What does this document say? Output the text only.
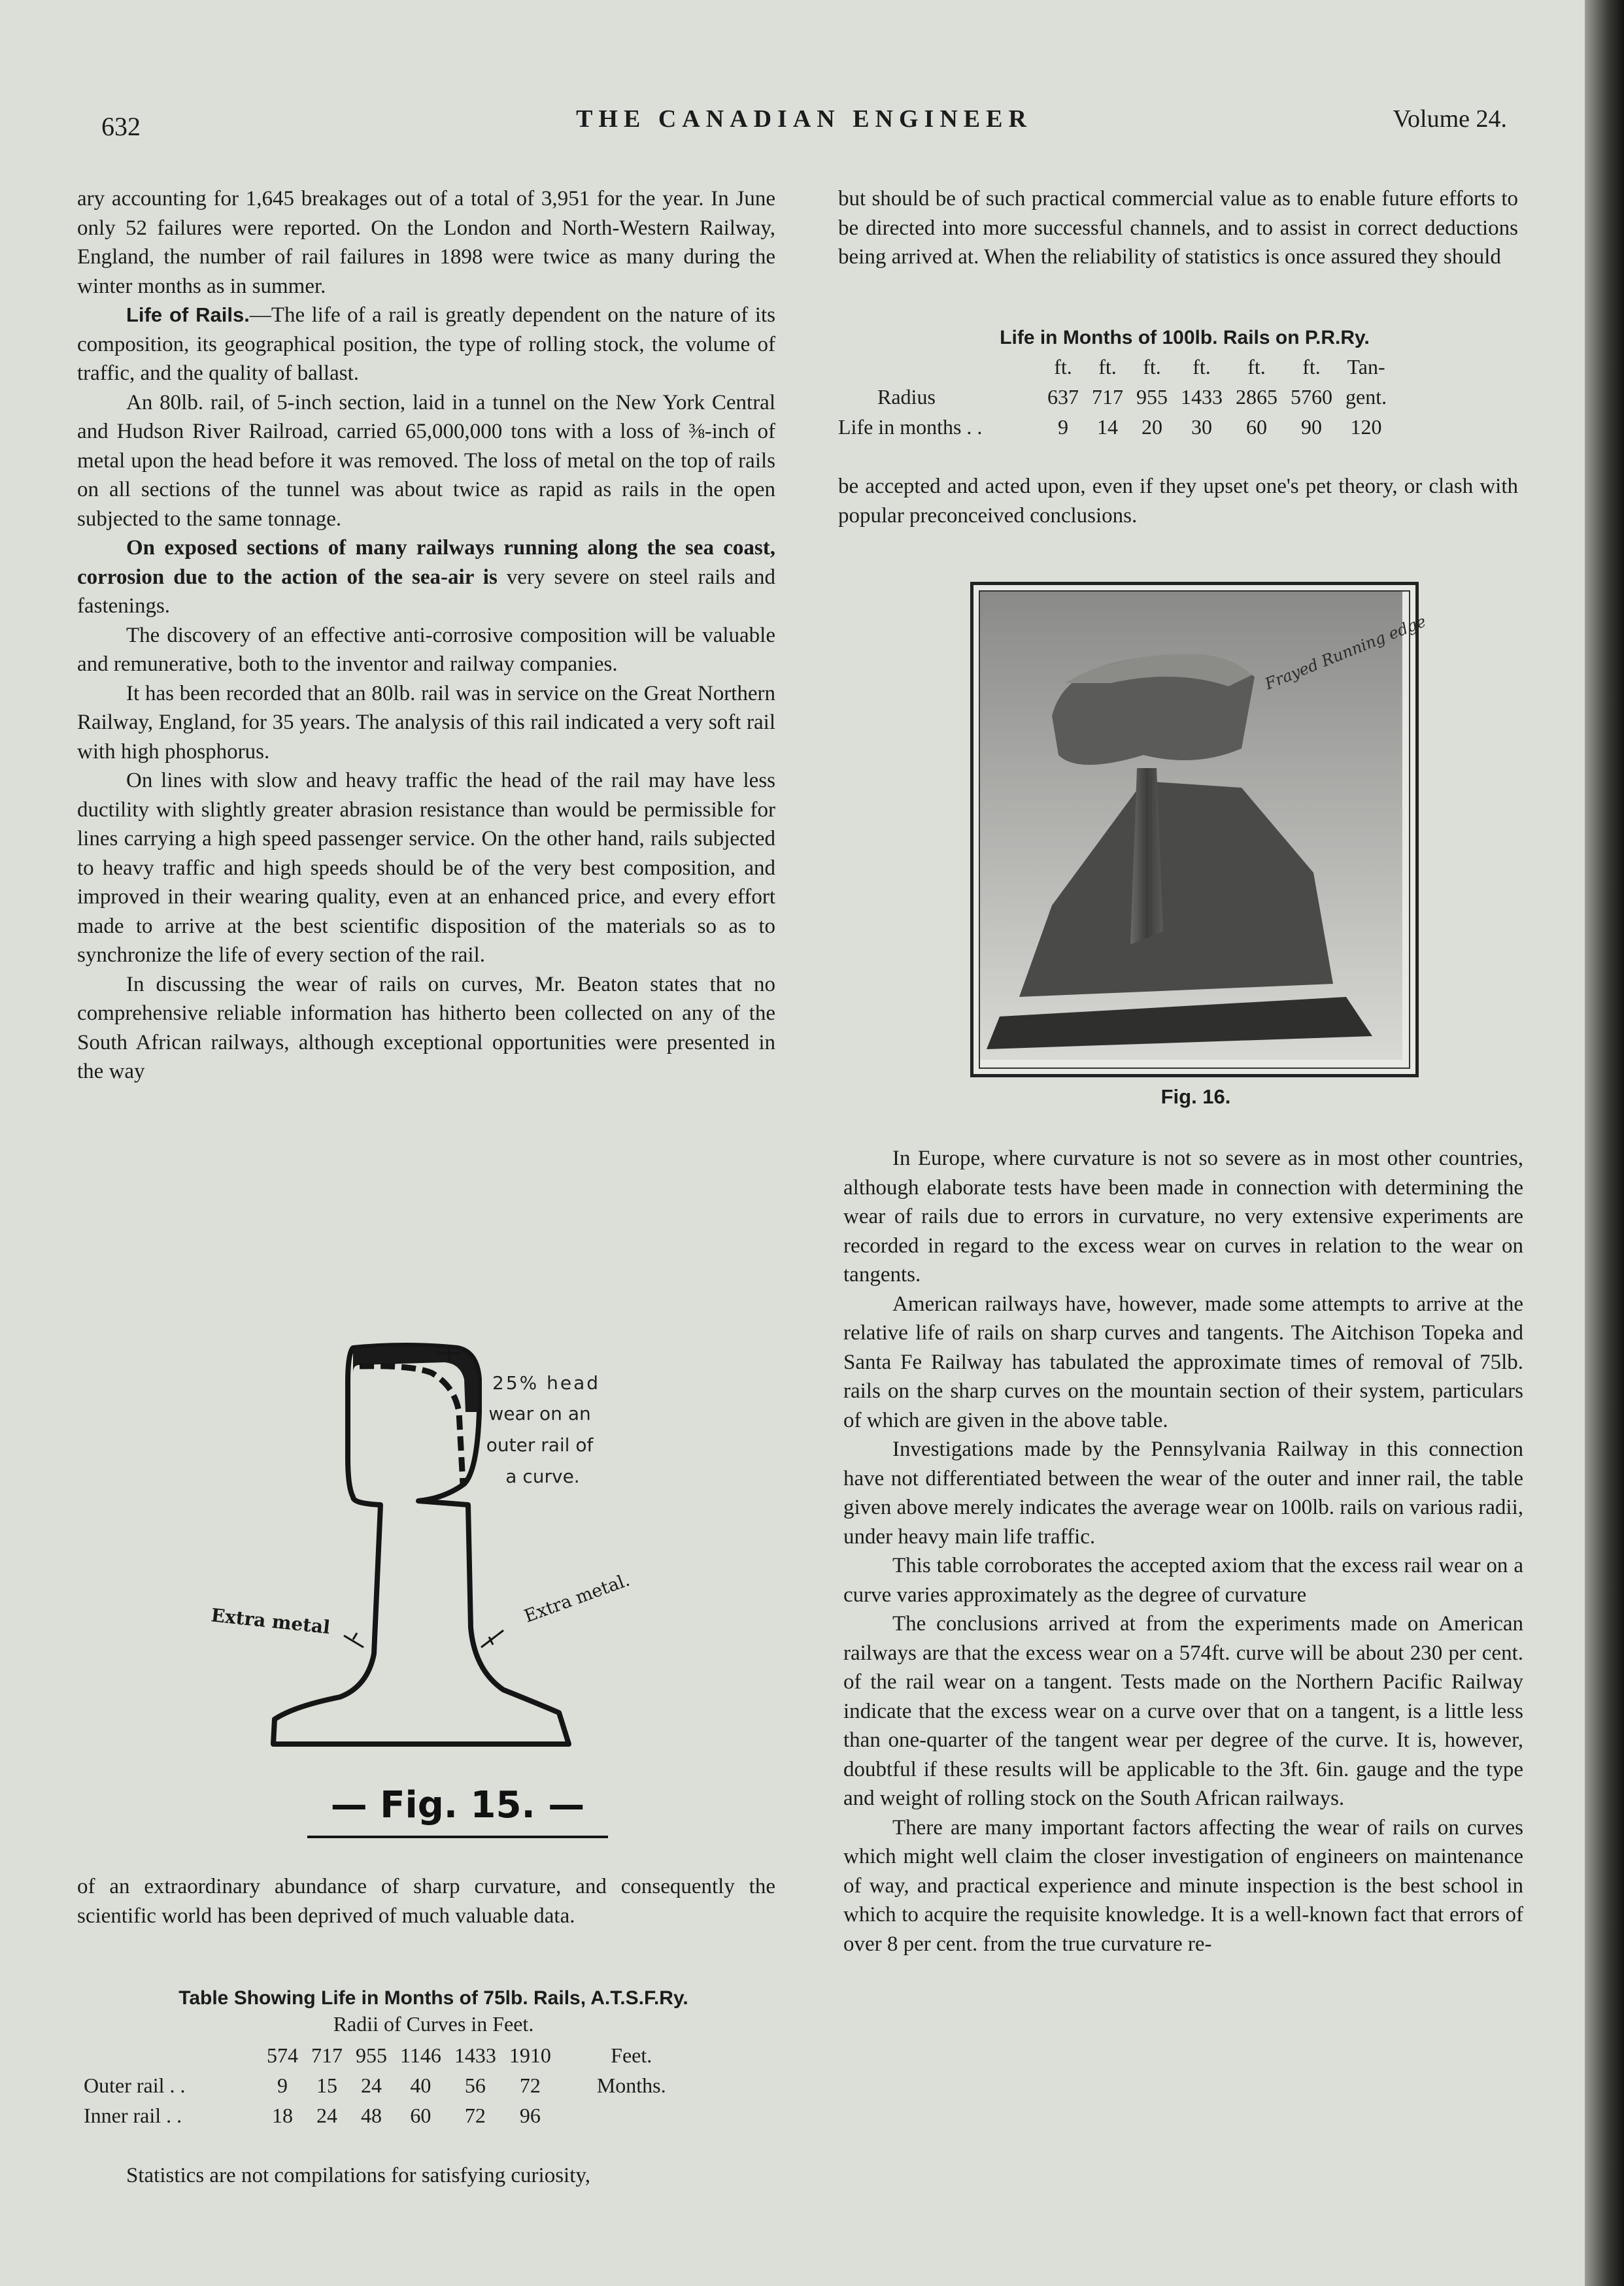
632	THE CANADIAN ENGINEER	Volume 24.

ary accounting for 1,645 breakages out of a total of 3,951 for the year. In June only 52 failures were reported. On the London and North-Western Railway, England, the number of rail failures in 1898 were twice as many during the winter months as in summer.

Life of Rails.—The life of a rail is greatly dependent on the nature of its composition, its geographical position, the type of rolling stock, the volume of traffic, and the quality of ballast.

An 80lb. rail, of 5-inch section, laid in a tunnel on the New York Central and Hudson River Railroad, carried 65,000,000 tons with a loss of ⅜-inch of metal upon the head before it was removed. The loss of metal on the top of rails on all sections of the tunnel was about twice as rapid as rails in the open subjected to the same tonnage.

On exposed sections of many railways running along the sea coast, corrosion due to the action of the sea-air is very severe on steel rails and fastenings.

The discovery of an effective anti-corrosive composition will be valuable and remunerative, both to the inventor and railway companies.

It has been recorded that an 80lb. rail was in service on the Great Northern Railway, England, for 35 years. The analysis of this rail indicated a very soft rail with high phosphorus.

On lines with slow and heavy traffic the head of the rail may have less ductility with slightly greater abrasion resistance than would be permissible for lines carrying a high speed passenger service. On the other hand, rails subjected to heavy traffic and high speeds should be of the very best composition, and improved in their wearing quality, even at an enhanced price, and every effort made to arrive at the best scientific disposition of the materials so as to synchronize the life of every section of the rail.

In discussing the wear of rails on curves, Mr. Beaton states that no comprehensive reliable information has hitherto been collected on any of the South African railways, although exceptional opportunities were presented in the way

25% head wear on an outer rail of a curve.
Extra metal	Extra metal.
— Fig. 15. —

of an extraordinary abundance of sharp curvature, and consequently the scientific world has been deprived of much valuable data.

Table Showing Life in Months of 75lb. Rails, A.T.S.F.Ry.
Radii of Curves in Feet.
	574	717	955	1146	1433	1910	Feet.
Outer rail . .	9	15	24	40	56	72	Months.
Inner rail . .	18	24	48	60	72	96	

Statistics are not compilations for satisfying curiosity,

but should be of such practical commercial value as to enable future efforts to be directed into more successful channels, and to assist in correct deductions being arrived at. When the reliability of statistics is once assured they should

Life in Months of 100lb. Rails on P.R.Ry.
	ft.	ft.	ft.	ft.	ft.	ft.	Tan-
Radius	637	717	955	1433	2865	5760	gent.
Life in months . .	9	14	20	30	60	90	120

be accepted and acted upon, even if they upset one's pet theory, or clash with popular preconceived conclusions.

Frayed Running edge
Fig. 16.

In Europe, where curvature is not so severe as in most other countries, although elaborate tests have been made in connection with determining the wear of rails due to errors in curvature, no very extensive experiments are recorded in regard to the excess wear on curves in relation to the wear on tangents.

American railways have, however, made some attempts to arrive at the relative life of rails on sharp curves and tangents. The Aitchison Topeka and Santa Fe Railway has tabulated the approximate times of removal of 75lb. rails on the sharp curves on the mountain section of their system, particulars of which are given in the above table.

Investigations made by the Pennsylvania Railway in this connection have not differentiated between the wear of the outer and inner rail, the table given above merely indicates the average wear on 100lb. rails on various radii, under heavy main life traffic.

This table corroborates the accepted axiom that the excess rail wear on a curve varies approximately as the degree of curvature

The conclusions arrived at from the experiments made on American railways are that the excess wear on a 574ft. curve will be about 230 per cent. of the rail wear on a tangent. Tests made on the Northern Pacific Railway indicate that the excess wear on a curve over that on a tangent, is a little less than one-quarter of the tangent wear per degree of the curve. It is, however, doubtful if these results will be applicable to the 3ft. 6in. gauge and the type and weight of rolling stock on the South African railways.

There are many important factors affecting the wear of rails on curves which might well claim the closer investigation of engineers on maintenance of way, and practical experience and minute inspection is the best school in which to acquire the requisite knowledge. It is a well-known fact that errors of over 8 per cent. from the true curvature re-
